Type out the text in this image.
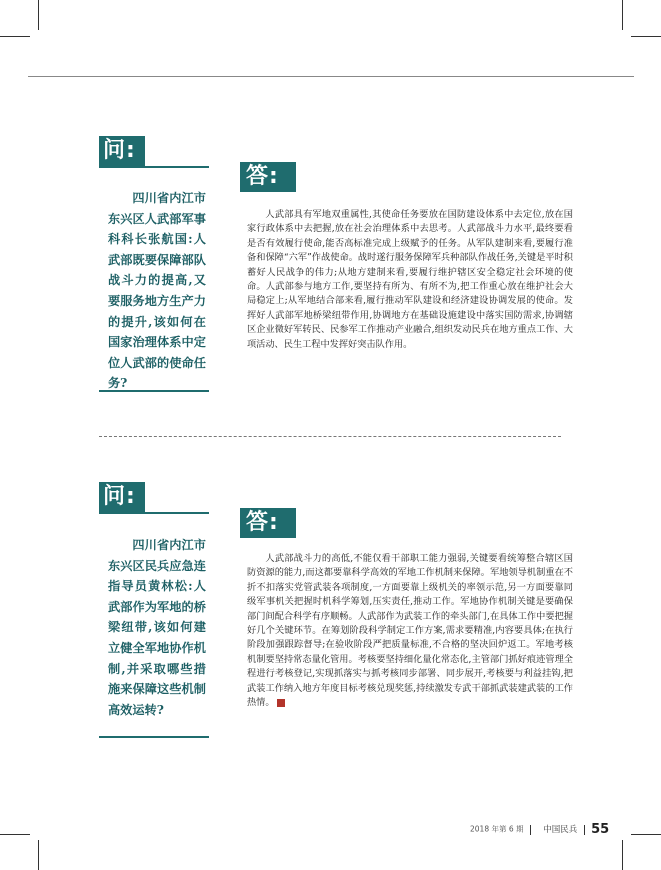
问:
四川省内江市东兴区人武部军事科科长张航国:人武部既要保障部队战斗力的提高,又要服务地方生产力的提升,该如何在国家治理体系中定位人武部的使命任务?
答:
人武部具有军地双重属性,其使命任务要放在国防建设体系中去定位,放在国家行政体系中去把握,放在社会治理体系中去思考。人武部战斗力水平,最终要看是否有效履行使命,能否高标准完成上级赋予的任务。从军队建制来看,要履行准备和保障“六军”作战使命。战时遂行服务保障军兵种部队作战任务,关键是平时积蓄好人民战争的伟力;从地方建制来看,要履行维护辖区安全稳定社会环境的使命。人武部参与地方工作,要坚持有所为、有所不为,把工作重心放在维护社会大局稳定上;从军地结合部来看,履行推动军队建设和经济建设协调发展的使命。发挥好人武部军地桥梁纽带作用,协调地方在基础设施建设中落实国防需求,协调辖区企业微好军转民、民参军工作推动产业融合,组织发动民兵在地方重点工作、大项活动、民生工程中发挥好突击队作用。
问:
四川省内江市东兴区民兵应急连指导员黄林松:人武部作为军地的桥梁纽带,该如何建立健全军地协作机制,并采取哪些措施来保障这些机制高效运转?
答:
人武部战斗力的高低,不能仅看干部职工能力强弱,关键要看统筹整合辖区国防资源的能力,而这都要靠科学高效的军地工作机制来保障。军地领导机制重在不折不扣落实党管武装各项制度,一方面要靠上级机关的率领示范,另一方面要靠同级军事机关把握时机科学筹划,压实责任,推动工作。军地协作机制关键是要确保部门间配合科学有序顺畅。人武部作为武装工作的牵头部门,在具体工作中要把握好几个关键环节。在筹划阶段科学制定工作方案,需求要精准,内容要具体;在执行阶段加强跟踪督导;在验收阶段严把质量标准,不合格的坚决回炉返工。军地考核机制要坚持常态量化管用。考核要坚持细化量化常态化,主管部门抓好痕迹管理全程进行考核登记,实现抓落实与抓考核同步部署、同步展开,考核要与利益挂钩,把武装工作纳入地方年度目标考核兑现奖惩,持续激发专武干部抓武装建武装的工作热情。
2018 年第 6 期 中国民兵 55
